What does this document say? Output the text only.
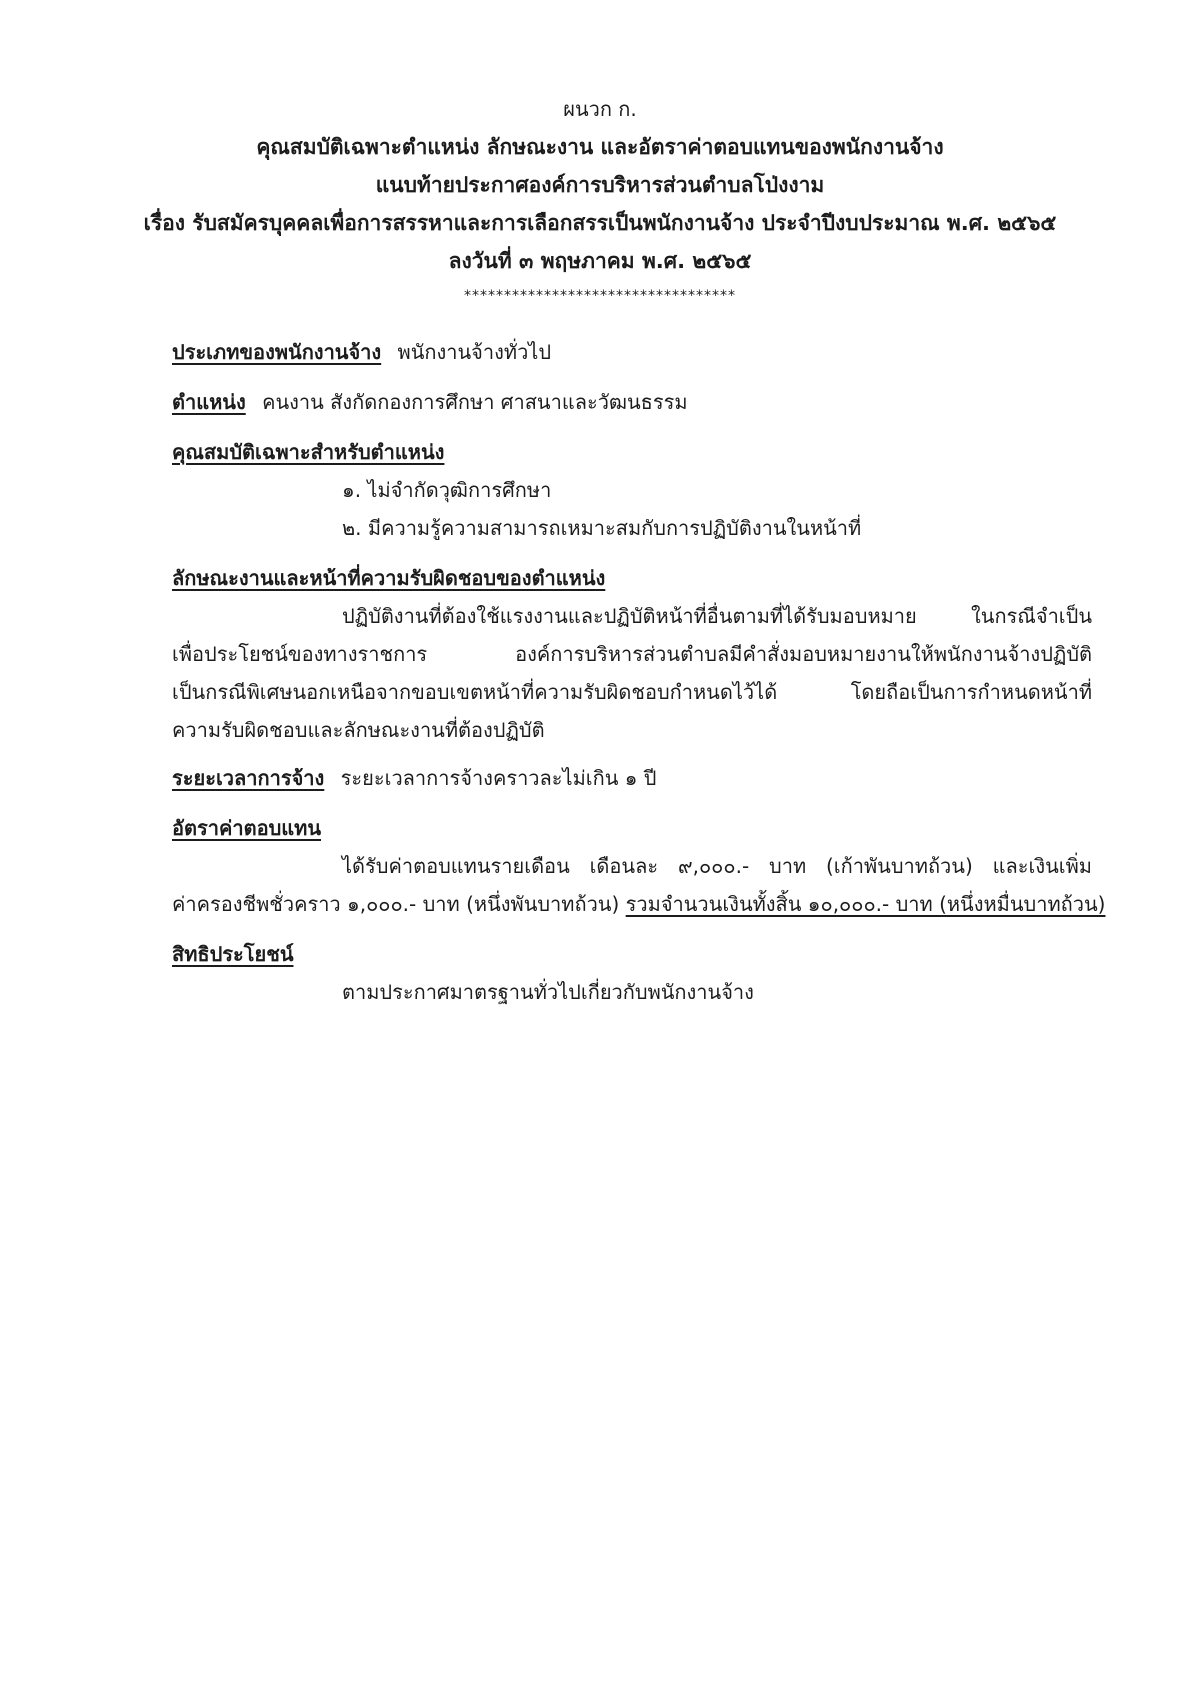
ผนวก ก.
คุณสมบัติเฉพาะตำแหน่ง ลักษณะงาน และอัตราค่าตอบแทนของพนักงานจ้าง
แนบท้ายประกาศองค์การบริหารส่วนตำบลโป่งงาม
เรื่อง รับสมัครบุคคลเพื่อการสรรหาและการเลือกสรรเป็นพนักงานจ้าง ประจำปีงบประมาณ พ.ศ. ๒๕๖๕
ลงวันที่ ๓ พฤษภาคม พ.ศ. ๒๕๖๕
**********************************
ประเภทของพนักงานจ้าง พนักงานจ้างทั่วไป
ตำแหน่ง คนงาน สังกัดกองการศึกษา ศาสนาและวัฒนธรรม
คุณสมบัติเฉพาะสำหรับตำแหน่ง
๑. ไม่จำกัดวุฒิการศึกษา
๒. มีความรู้ความสามารถเหมาะสมกับการปฏิบัติงานในหน้าที่
ลักษณะงานและหน้าที่ความรับผิดชอบของตำแหน่ง
ปฏิบัติงานที่ต้องใช้แรงงานและปฏิบัติหน้าที่อื่นตามที่ได้รับมอบหมาย ในกรณีจำเป็น
เพื่อประโยชน์ของทางราชการ องค์การบริหารส่วนตำบลมีคำสั่งมอบหมายงานให้พนักงานจ้างปฏิบัติ
เป็นกรณีพิเศษนอกเหนือจากขอบเขตหน้าที่ความรับผิดชอบกำหนดไว้ได้ โดยถือเป็นการกำหนดหน้าที่
ความรับผิดชอบและลักษณะงานที่ต้องปฏิบัติ
ระยะเวลาการจ้าง ระยะเวลาการจ้างคราวละไม่เกิน ๑ ปี
อัตราค่าตอบแทน
ได้รับค่าตอบแทนรายเดือน เดือนละ ๙,๐๐๐.- บาท (เก้าพันบาทถ้วน) และเงินเพิ่ม
ค่าครองชีพชั่วคราว ๑,๐๐๐.- บาท (หนึ่งพันบาทถ้วน) รวมจำนวนเงินทั้งสิ้น ๑๐,๐๐๐.- บาท (หนึ่งหมื่นบาทถ้วน)
สิทธิประโยชน์
ตามประกาศมาตรฐานทั่วไปเกี่ยวกับพนักงานจ้าง
